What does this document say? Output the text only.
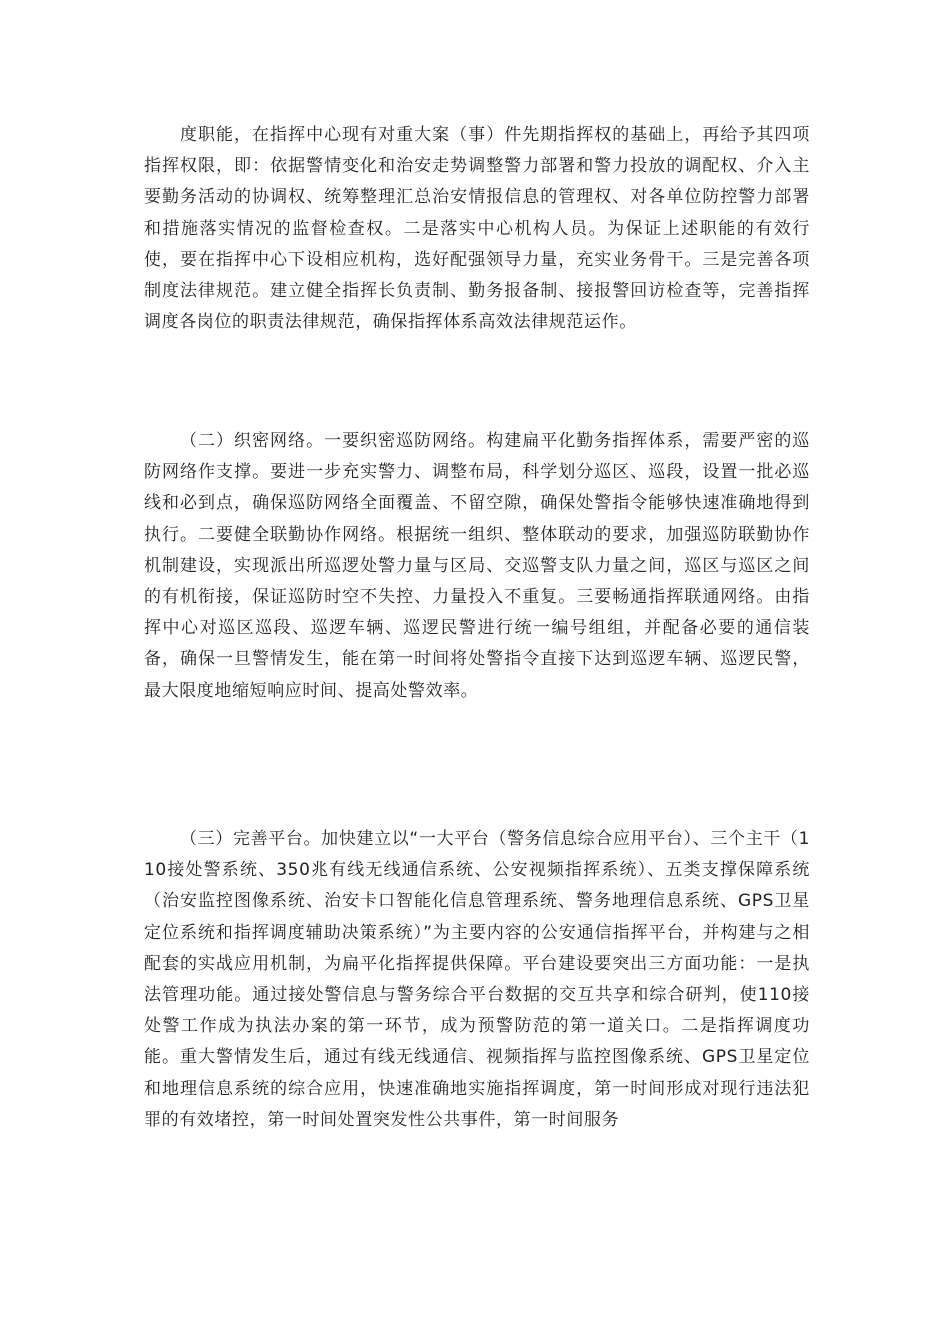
度职能，在指挥中心现有对重大案（事）件先期指挥权的基础上，再给予其四项指挥权限，即：依据警情变化和治安走势调整警力部署和警力投放的调配权、介入主要勤务活动的协调权、统筹整理汇总治安情报信息的管理权、对各单位防控警力部署和措施落实情况的监督检查权。二是落实中心机构人员。为保证上述职能的有效行使，要在指挥中心下设相应机构，选好配强领导力量，充实业务骨干。三是完善各项制度法律规范。建立健全指挥长负责制、勤务报备制、接报警回访检查等，完善指挥调度各岗位的职责法律规范，确保指挥体系高效法律规范运作。

（二）织密网络。一要织密巡防网络。构建扁平化勤务指挥体系，需要严密的巡防网络作支撑。要进一步充实警力、调整布局，科学划分巡区、巡段，设置一批必巡线和必到点，确保巡防网络全面覆盖、不留空隙，确保处警指令能够快速准确地得到执行。二要健全联勤协作网络。根据统一组织、整体联动的要求，加强巡防联勤协作机制建设，实现派出所巡逻处警力量与区局、交巡警支队力量之间，巡区与巡区之间的有机衔接，保证巡防时空不失控、力量投入不重复。三要畅通指挥联通网络。由指挥中心对巡区巡段、巡逻车辆、巡逻民警进行统一编号组组，并配备必要的通信装备，确保一旦警情发生，能在第一时间将处警指令直接下达到巡逻车辆、巡逻民警，最大限度地缩短响应时间、提高处警效率。

（三）完善平台。加快建立以“一大平台（警务信息综合应用平台）、三个主干（110接处警系统、350兆有线无线通信系统、公安视频指挥系统）、五类支撑保障系统（治安监控图像系统、治安卡口智能化信息管理系统、警务地理信息系统、GPS卫星定位系统和指挥调度辅助决策系统）”为主要内容的公安通信指挥平台，并构建与之相配套的实战应用机制，为扁平化指挥提供保障。平台建设要突出三方面功能：一是执法管理功能。通过接处警信息与警务综合平台数据的交互共享和综合研判，使110接处警工作成为执法办案的第一环节，成为预警防范的第一道关口。二是指挥调度功能。重大警情发生后，通过有线无线通信、视频指挥与监控图像系统、GPS卫星定位和地理信息系统的综合应用，快速准确地实施指挥调度，第一时间形成对现行违法犯罪的有效堵控，第一时间处置突发性公共事件，第一时间服务
